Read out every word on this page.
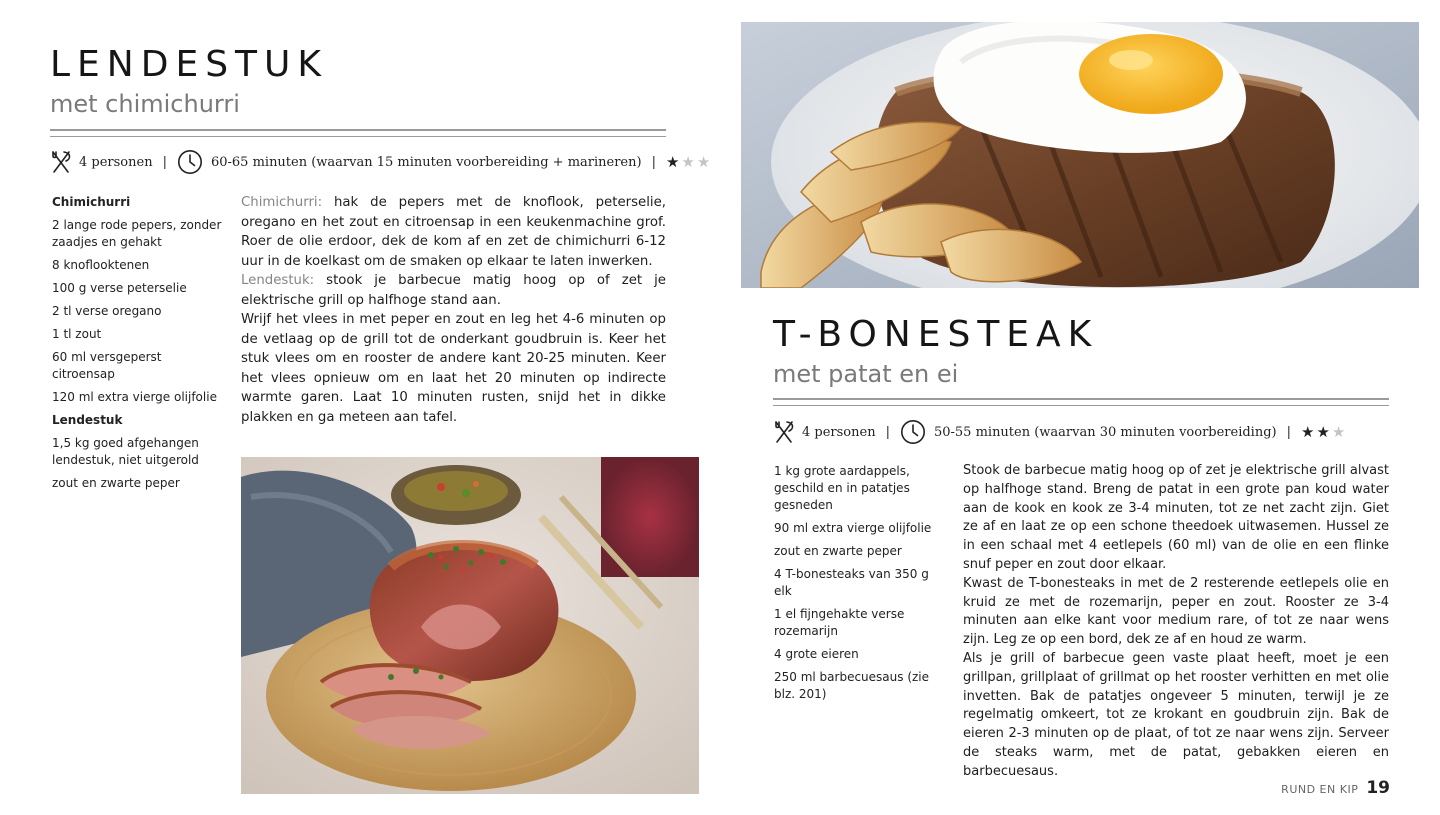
LENDESTUK
met chimichurri
4 personen |	60-65 minuten (waarvan 15 minuten voorbereiding + marineren) | ★ ★ ★
Chimichurri
2 lange rode pepers, zonder zaadjes en gehakt
8 knoflooktenen
100 g verse peterselie
2 tl verse oregano
1 tl zout
60 ml versgeperst citroensap
120 ml extra vierge olijfolie
Lendestuk
1,5 kg goed afgehangen lendestuk, niet uitgerold
zout en zwarte peper

Chimichurri: hak de pepers met de knoflook, peterselie, oregano en het zout en citroensap in een keukenmachine grof. Roer de olie erdoor, dek de kom af en zet de chimichurri 6-12 uur in de koelkast om de smaken op elkaar te laten inwerken.

Lendestuk: stook je barbecue matig hoog op of zet je elektrische grill op halfhoge stand aan.

Wrijf het vlees in met peper en zout en leg het 4-6 minuten op de vetlaag op de grill tot de onderkant goudbruin is. Keer het stuk vlees om en rooster de andere kant 20-25 minuten. Keer het vlees opnieuw om en laat het 20 minuten op indirecte warmte garen. Laat 10 minuten rusten, snijd het in dikke plakken en ga meteen aan tafel.

T-BONESTEAK
met patat en ei
4 personen |	50-55 minuten (waarvan 30 minuten voorbereiding) | ★ ★ ★
1 kg grote aardappels, geschild en in patatjes gesneden
90 ml extra vierge olijfolie
zout en zwarte peper
4 T-bonesteaks van 350 g elk
1 el fijngehakte verse rozemarijn
4 grote eieren
250 ml barbecuesaus (zie blz. 201)

Stook de barbecue matig hoog op of zet je elektrische grill alvast op halfhoge stand. Breng de patat in een grote pan koud water aan de kook en kook ze 3-4 minuten, tot ze net zacht zijn. Giet ze af en laat ze op een schone theedoek uitwasemen. Hussel ze in een schaal met 4 eetlepels (60 ml) van de olie en een flinke snuf peper en zout door elkaar.

Kwast de T-bonesteaks in met de 2 resterende eetlepels olie en kruid ze met de rozemarijn, peper en zout. Rooster ze 3-4 minuten aan elke kant voor medium rare, of tot ze naar wens zijn. Leg ze op een bord, dek ze af en houd ze warm.

Als je grill of barbecue geen vaste plaat heeft, moet je een grillpan, grillplaat of grillmat op het rooster verhitten en met olie invetten. Bak de patatjes ongeveer 5 minuten, terwijl je ze regelmatig omkeert, tot ze krokant en goudbruin zijn. Bak de eieren 2-3 minuten op de plaat, of tot ze naar wens zijn. Serveer de steaks warm, met de patat, gebakken eieren en barbecuesaus.

RUND EN KIP 19
